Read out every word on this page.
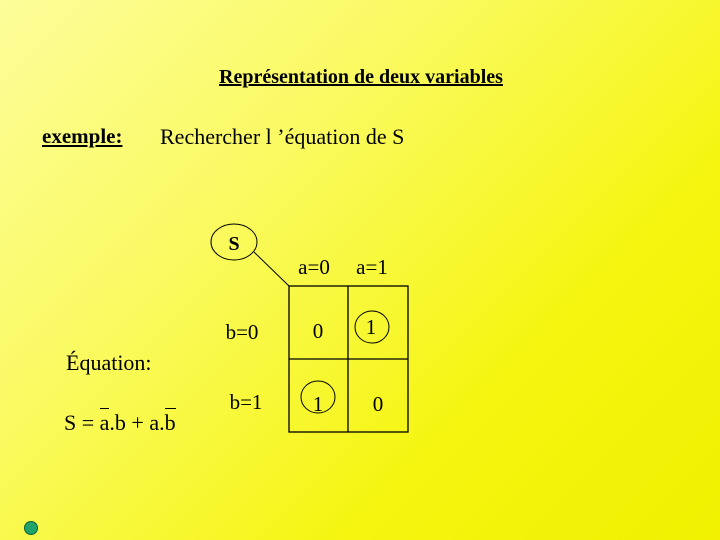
Représentation de deux variables
exemple: Rechercher l ’équation de S
S
a=0 a=1
b=0
b=1
0 1
1 0
Équation:
S = a.b + a.b
